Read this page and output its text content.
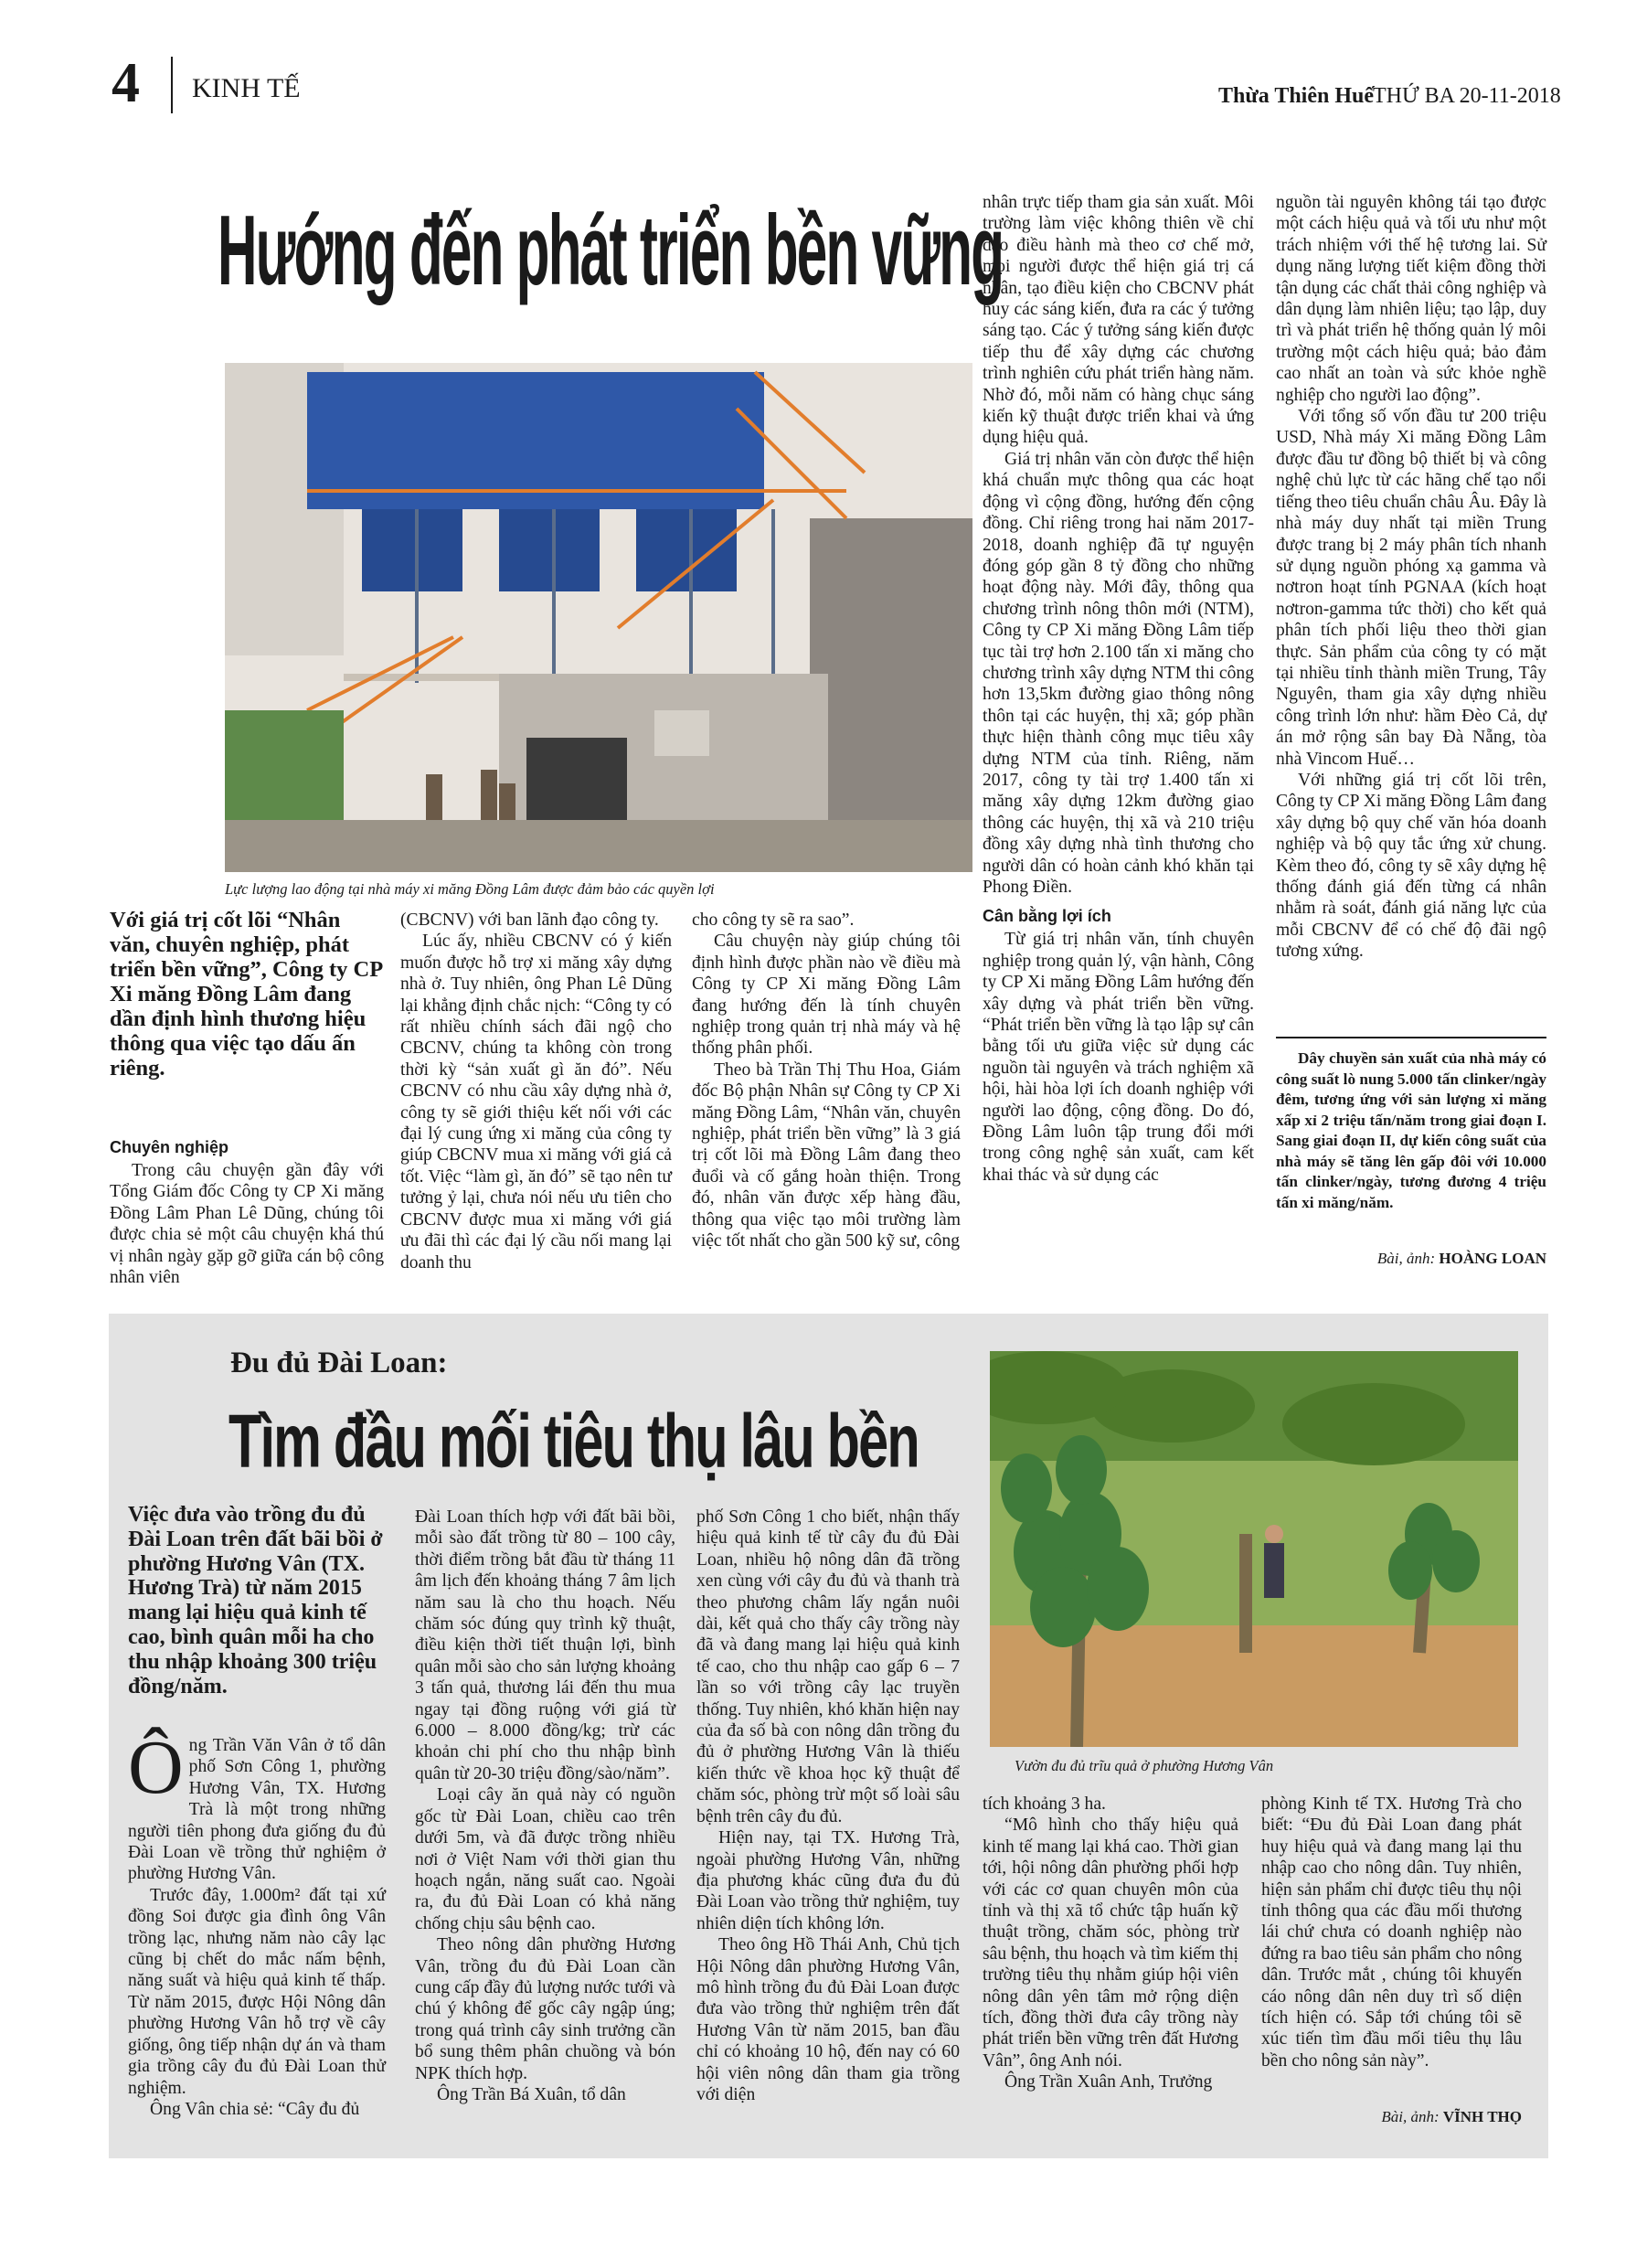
4 KINH TẾ	Thừa Thiên Huế
THỨ BA 20-11-2018
Hướng đến phát triển bền vững
Lực lượng lao động tại nhà máy xi măng Đồng Lâm được đảm bảo các quyền lợi
Với giá trị cốt lõi “Nhân văn, chuyên nghiệp, phát triển bền vững”, Công ty CP Xi măng Đồng Lâm đang dần định hình thương hiệu thông qua việc tạo dấu ấn riêng.
Chuyên nghiệp

Trong câu chuyện gần đây với Tổng Giám đốc Công ty CP Xi măng Đồng Lâm Phan Lê Dũng, chúng tôi được chia sẻ một câu chuyện khá thú vị nhân ngày gặp gỡ giữa cán bộ công nhân viên

(CBCNV) với ban lãnh đạo công ty.

Lúc ấy, nhiều CBCNV có ý kiến muốn được hỗ trợ xi măng xây dựng nhà ở. Tuy nhiên, ông Phan Lê Dũng lại khẳng định chắc nịch: “Công ty có rất nhiều chính sách đãi ngộ cho CBCNV, chúng ta không còn trong thời kỳ “sản xuất gì ăn đó”. Nếu CBCNV có nhu cầu xây dựng nhà ở, công ty sẽ giới thiệu kết nối với các đại lý cung ứng xi măng của công ty giúp CBCNV mua xi măng với giá cả tốt. Việc “làm gì, ăn đó” sẽ tạo nên tư tưởng ỷ lại, chưa nói nếu ưu tiên cho CBCNV được mua xi măng với giá ưu đãi thì các đại lý cầu nối mang lại doanh thu

cho công ty sẽ ra sao”.

Câu chuyện này giúp chúng tôi định hình được phần nào về điều mà Công ty CP Xi măng Đồng Lâm đang hướng đến là tính chuyên nghiệp trong quản trị nhà máy và hệ thống phân phối.

Theo bà Trần Thị Thu Hoa, Giám đốc Bộ phận Nhân sự Công ty CP Xi măng Đồng Lâm, “Nhân văn, chuyên nghiệp, phát triển bền vững” là 3 giá trị cốt lõi mà Đồng Lâm đang theo đuổi và cố gắng hoàn thiện. Trong đó, nhân văn được xếp hàng đầu, thông qua việc tạo môi trường làm việc tốt nhất cho gần 500 kỹ sư, công

nhân trực tiếp tham gia sản xuất. Môi trường làm việc không thiên về chỉ đạo điều hành mà theo cơ chế mở, mọi người được thể hiện giá trị cá nhân, tạo điều kiện cho CBCNV phát huy các sáng kiến, đưa ra các ý tưởng sáng tạo. Các ý tưởng sáng kiến được tiếp thu để xây dựng các chương trình nghiên cứu phát triển hàng năm. Nhờ đó, mỗi năm có hàng chục sáng kiến kỹ thuật được triển khai và ứng dụng hiệu quả.

Giá trị nhân văn còn được thể hiện khá chuẩn mực thông qua các hoạt động vì cộng đồng, hướng đến cộng đồng. Chỉ riêng trong hai năm 2017-2018, doanh nghiệp đã tự nguyện đóng góp gần 8 tỷ đồng cho những hoạt động này. Mới đây, thông qua chương trình nông thôn mới (NTM), Công ty CP Xi măng Đồng Lâm tiếp tục tài trợ hơn 2.100 tấn xi măng cho chương trình xây dựng NTM thi công hơn 13,5km đường giao thông nông thôn tại các huyện, thị xã; góp phần thực hiện thành công mục tiêu xây dựng NTM của tỉnh. Riêng, năm 2017, công ty tài trợ 1.400 tấn xi măng xây dựng 12km đường giao thông các huyện, thị xã và 210 triệu đồng xây dựng nhà tình thương cho người dân có hoàn cảnh khó khăn tại Phong Điền.

Cân bằng lợi ích

Từ giá trị nhân văn, tính chuyên nghiệp trong quản lý, vận hành, Công ty CP Xi măng Đồng Lâm hướng đến xây dựng và phát triển bền vững. “Phát triển bền vững là tạo lập sự cân bằng tối ưu giữa việc sử dụng các nguồn tài nguyên và trách nghiệm xã hội, hài hòa lợi ích doanh nghiệp với người lao động, cộng đồng. Do đó, Đồng Lâm luôn tập trung đổi mới trong công nghệ sản xuất, cam kết khai thác và sử dụng các

nguồn tài nguyên không tái tạo được một cách hiệu quả và tối ưu như một trách nhiệm với thế hệ tương lai. Sử dụng năng lượng tiết kiệm đồng thời tận dụng các chất thải công nghiệp và dân dụng làm nhiên liệu; tạo lập, duy trì và phát triển hệ thống quản lý môi trường một cách hiệu quả; bảo đảm cao nhất an toàn và sức khỏe nghề nghiệp cho người lao động”.

Với tổng số vốn đầu tư 200 triệu USD, Nhà máy Xi măng Đồng Lâm được đầu tư đồng bộ thiết bị và công nghệ chủ lực từ các hãng chế tạo nổi tiếng theo tiêu chuẩn châu Âu. Đây là nhà máy duy nhất tại miền Trung được trang bị 2 máy phân tích nhanh sử dụng nguồn phóng xạ gamma và nơtron hoạt tính PGNAA (kích hoạt nơtron-gamma tức thời) cho kết quả phân tích phối liệu theo thời gian thực. Sản phẩm của công ty có mặt tại nhiều tỉnh thành miền Trung, Tây Nguyên, tham gia xây dựng nhiều công trình lớn như: hầm Đèo Cả, dự án mở rộng sân bay Đà Nẵng, tòa nhà Vincom Huế…

Với những giá trị cốt lõi trên, Công ty CP Xi măng Đồng Lâm đang xây dựng bộ quy chế văn hóa doanh nghiệp và bộ quy tắc ứng xử chung. Kèm theo đó, công ty sẽ xây dựng hệ thống đánh giá đến từng cá nhân nhằm rà soát, đánh giá năng lực của mỗi CBCNV để có chế độ đãi ngộ tương xứng.

Dây chuyền sản xuất của nhà máy có công suất lò nung 5.000 tấn clinker/ngày đêm, tương ứng với sản lượng xi măng xấp xỉ 2 triệu tấn/năm trong giai đoạn I. Sang giai đoạn II, dự kiến công suất của nhà máy sẽ tăng lên gấp đôi với 10.000 tấn clinker/ngày, tương đương 4 triệu tấn xi măng/năm.
Bài, ảnh: HOÀNG LOAN
Đu đủ Đài Loan:
Tìm đầu mối tiêu thụ lâu bền
Vườn đu đủ trĩu quả ở phường Hương Vân
Việc đưa vào trồng đu đủ Đài Loan trên đất bãi bồi ở phường Hương Vân (TX. Hương Trà) từ năm 2015 mang lại hiệu quả kinh tế cao, bình quân mỗi ha cho thu nhập khoảng 300 triệu đồng/năm.
Ông Trần Văn Vân ở tổ dân phố Sơn Công 1, phường Hương Vân, TX. Hương Trà là một trong những người tiên phong đưa giống đu đủ Đài Loan về trồng thử nghiệm ở phường Hương Vân.

Trước đây, 1.000m² đất tại xứ đồng Soi được gia đình ông Vân trồng lạc, nhưng năm nào cây lạc cũng bị chết do mắc nấm bệnh, năng suất và hiệu quả kinh tế thấp. Từ năm 2015, được Hội Nông dân phường Hương Vân hỗ trợ về cây giống, ông tiếp nhận dự án và tham gia trồng cây đu đủ Đài Loan thử nghiệm.

Ông Vân chia sẻ: “Cây đu đủ

Đài Loan thích hợp với đất bãi bồi, mỗi sào đất trồng từ 80 – 100 cây, thời điểm trồng bắt đầu từ tháng 11 âm lịch đến khoảng tháng 7 âm lịch năm sau là cho thu hoạch. Nếu chăm sóc đúng quy trình kỹ thuật, điều kiện thời tiết thuận lợi, bình quân mỗi sào cho sản lượng khoảng 3 tấn quả, thương lái đến thu mua ngay tại đồng ruộng với giá từ 6.000 – 8.000 đồng/kg; trừ các khoản chi phí cho thu nhập bình quân từ 20-30 triệu đồng/sào/năm”.

Loại cây ăn quả này có nguồn gốc từ Đài Loan, chiều cao trên dưới 5m, và đã được trồng nhiều nơi ở Việt Nam với thời gian thu hoạch ngắn, năng suất cao. Ngoài ra, đu đủ Đài Loan có khả năng chống chịu sâu bệnh cao.

Theo nông dân phường Hương Vân, trồng đu đủ Đài Loan cần cung cấp đầy đủ lượng nước tưới và chú ý không để gốc cây ngập úng; trong quá trình cây sinh trưởng cần bổ sung thêm phân chuồng và bón NPK thích hợp.

Ông Trần Bá Xuân, tổ dân

phố Sơn Công 1 cho biết, nhận thấy hiệu quả kinh tế từ cây đu đủ Đài Loan, nhiều hộ nông dân đã trồng xen cùng với cây đu đủ và thanh trà theo phương châm lấy ngắn nuôi dài, kết quả cho thấy cây trồng này đã và đang mang lại hiệu quả kinh tế cao, cho thu nhập cao gấp 6 – 7 lần so với trồng cây lạc truyền thống. Tuy nhiên, khó khăn hiện nay của đa số bà con nông dân trồng đu đủ ở phường Hương Vân là thiếu kiến thức về khoa học kỹ thuật để chăm sóc, phòng trừ một số loài sâu bệnh trên cây đu đủ.

Hiện nay, tại TX. Hương Trà, ngoài phường Hương Vân, những địa phương khác cũng đưa đu đủ Đài Loan vào trồng thử nghiệm, tuy nhiên diện tích không lớn.

Theo ông Hồ Thái Anh, Chủ tịch Hội Nông dân phường Hương Vân, mô hình trồng đu đủ Đài Loan được đưa vào trồng thử nghiệm trên đất Hương Vân từ năm 2015, ban đầu chỉ có khoảng 10 hộ, đến nay có 60 hội viên nông dân tham gia trồng với diện

tích khoảng 3 ha.

“Mô hình cho thấy hiệu quả kinh tế mang lại khá cao. Thời gian tới, hội nông dân phường phối hợp với các cơ quan chuyên môn của tỉnh và thị xã tổ chức tập huấn kỹ thuật trồng, chăm sóc, phòng trừ sâu bệnh, thu hoạch và tìm kiếm thị trường tiêu thụ nhằm giúp hội viên nông dân yên tâm mở rộng diện tích, đồng thời đưa cây trồng này phát triển bền vững trên đất Hương Vân”, ông Anh nói.

Ông Trần Xuân Anh, Trưởng

phòng Kinh tế TX. Hương Trà cho biết: “Đu đủ Đài Loan đang phát huy hiệu quả và đang mang lại thu nhập cao cho nông dân. Tuy nhiên, hiện sản phẩm chỉ được tiêu thụ nội tỉnh thông qua các đầu mối thương lái chứ chưa có doanh nghiệp nào đứng ra bao tiêu sản phẩm cho nông dân. Trước mắt , chúng tôi khuyến cáo nông dân nên duy trì số diện tích hiện có. Sắp tới chúng tôi sẽ xúc tiến tìm đầu mối tiêu thụ lâu bền cho nông sản này”.

Bài, ảnh: VĨNH THỌ
